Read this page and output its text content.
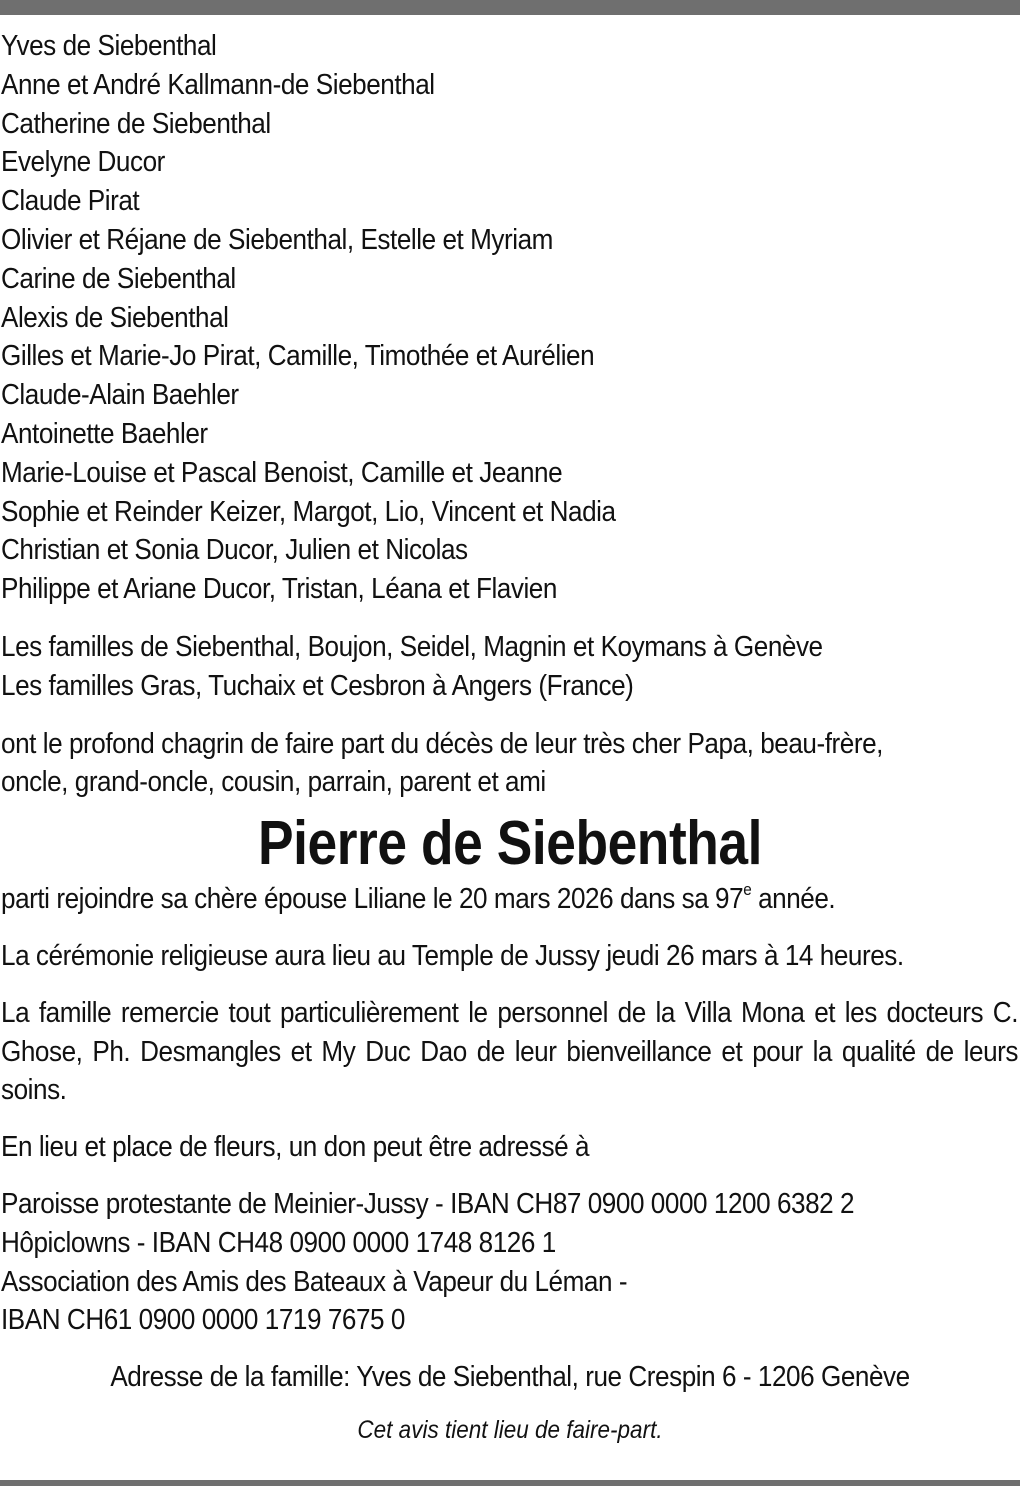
Yves de Siebenthal
Anne et André Kallmann-de Siebenthal
Catherine de Siebenthal
Evelyne Ducor
Claude Pirat
Olivier et Réjane de Siebenthal, Estelle et Myriam
Carine de Siebenthal
Alexis de Siebenthal
Gilles et Marie-Jo Pirat, Camille, Timothée et Aurélien
Claude-Alain Baehler
Antoinette Baehler
Marie-Louise et Pascal Benoist, Camille et Jeanne
Sophie et Reinder Keizer, Margot, Lio, Vincent et Nadia
Christian et Sonia Ducor, Julien et Nicolas
Philippe et Ariane Ducor, Tristan, Léana et Flavien
Les familles de Siebenthal, Boujon, Seidel, Magnin et Koymans à Genève
Les familles Gras, Tuchaix et Cesbron à Angers (France)
ont le profond chagrin de faire part du décès de leur très cher Papa, beau-frère,
oncle, grand-oncle, cousin, parrain, parent et ami
Pierre de Siebenthal
parti rejoindre sa chère épouse Liliane le 20 mars 2026 dans sa 97e année.
La cérémonie religieuse aura lieu au Temple de Jussy jeudi 26 mars à 14 heures.
La famille remercie tout particulièrement le personnel de la Villa Mona et les docteurs C. Ghose, Ph. Desmangles et My Duc Dao de leur bienveillance et pour la qualité de leurs soins.
En lieu et place de fleurs, un don peut être adressé à
Paroisse protestante de Meinier-Jussy - IBAN CH87 0900 0000 1200 6382 2
Hôpiclowns - IBAN CH48 0900 0000 1748 8126 1
Association des Amis des Bateaux à Vapeur du Léman -
IBAN CH61 0900 0000 1719 7675 0
Adresse de la famille: Yves de Siebenthal, rue Crespin 6 - 1206 Genève
Cet avis tient lieu de faire-part.
